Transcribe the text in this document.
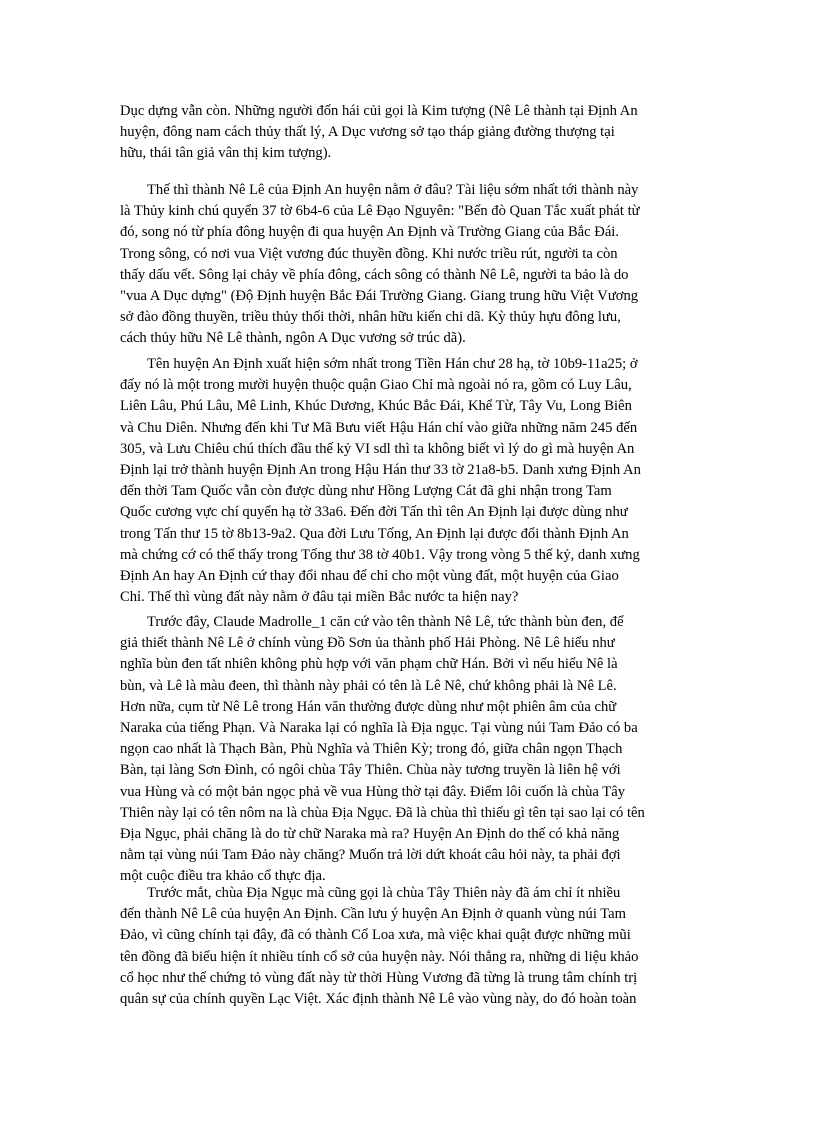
Dục dựng vẫn còn. Những người đốn hái củi gọi là Kim tượng (Nê Lê thành tại Định An
huyện, đông nam cách thủy thất lý, A Dục vương sở tạo tháp giảng đường thượng tại
hữu, thái tân giả vân thị kim tượng).
Thế thì thành Nê Lê của Định An huyện nằm ở đâu? Tài liệu sớm nhất tới thành này
là Thủy kinh chú quyển 37 tờ 6b4-6 của Lê Đạo Nguyên: "Bến đò Quan Tắc xuất phát từ
đó, song nó từ phía đông huyện đi qua huyện An Định và Trường Giang của Bắc Đái.
Trong sông, có nơi vua Việt vương đúc thuyền đồng. Khi nước triều rút, người ta còn
thấy dấu vết. Sông lại chảy về phía đông, cách sông có thành Nê Lê, người ta bảo là do
"vua A Dục dựng" (Độ Định huyện Bắc Đái Trường Giang. Giang trung hữu Việt Vương
sở đào đồng thuyền, triều thủy thối thời, nhân hữu kiến chi dã. Kỳ thủy hựu đông lưu,
cách thủy hữu Nê Lê thành, ngôn A Dục vương sở trúc dã).
Tên huyện An Định xuất hiện sớm nhất trong Tiền Hán chư 28 hạ, tờ 10b9-11a25; ở
đấy nó là một trong mười huyện thuộc quận Giao Chỉ mà ngoài nó ra, gồm có Luy Lâu,
Liên Lâu, Phú Lâu, Mê Linh, Khúc Dương, Khúc Bắc Đái, Khể Từ, Tây Vu, Long Biên
và Chu Diên. Nhưng đến khi Tư Mã Bưu viết Hậu Hán chí vào giữa những năm 245 đến
305, và Lưu Chiêu chú thích đầu thế kỷ VI sdl thì ta không biết vì lý do gì mà huyện An
Định lại trở thành huyện Định An trong Hậu Hán thư 33 tờ 21a8-b5. Danh xưng Định An
đến thời Tam Quốc vẫn còn được dùng như Hồng Lượng Cát đã ghi nhận trong Tam
Quốc cương vực chí quyển hạ tờ 33a6. Đến đời Tấn thì tên An Định lại được dùng như
trong Tấn thư 15 tờ 8b13-9a2. Qua đời Lưu Tống, An Định lại được đổi thành Định An
mà chứng cớ có thể thấy trong Tống thư 38 tờ 40b1. Vậy trong vòng 5 thế kỷ, danh xưng
Định An hay An Định cứ thay đổi nhau để chỉ cho một vùng đất, một huyện của Giao
Chỉ. Thế thì vùng đất này nằm ở đâu tại miền Bắc nước ta hiện nay?
Trước đây, Claude Madrolle_1 căn cứ vào tên thành Nê Lê, tức thành bùn đen, để
giả thiết thành Nê Lê ở chính vùng Đồ Sơn ủa thành phố Hải Phòng. Nê Lê hiểu như
nghĩa bùn đen tất nhiên không phù hợp với văn phạm chữ Hán. Bởi vì nếu hiểu Nê là
bùn, và Lê là màu đeen, thì thành này phải có tên là Lê Nê, chứ không phải là Nê Lê.
Hơn nữa, cụm từ Nê Lê trong Hán văn thường được dùng như một phiên âm của chữ
Naraka của tiếng Phạn. Và Naraka lại có nghĩa là Địa ngục. Tại vùng núi Tam Đảo có ba
ngọn cao nhất là Thạch Bàn, Phù Nghĩa và Thiên Kỳ; trong đó, giữa chân ngọn Thạch
Bàn, tại làng Sơn Đình, có ngôi chùa Tây Thiên. Chùa này tương truyền là liên hệ với
vua Hùng và có một bản ngọc phả về vua Hùng thờ tại đây. Điểm lôi cuốn là chùa Tây
Thiên này lại có tên nôm na là chùa Địa Ngục. Đã là chùa thì thiếu gì tên tại sao lại có tên
Địa Ngục, phải chăng là do từ chữ Naraka mà ra? Huyện An Định do thế có khả năng
nằm tại vùng núi Tam Đảo này chăng? Muốn trả lời dứt khoát câu hỏi này, ta phải đợi
một cuộc điều tra khảo cổ thực địa.
Trước mắt, chùa Địa Ngục mà cũng gọi là chùa Tây Thiên này đã ám chỉ ít nhiều
đến thành Nê Lê của huyện An Định. Cần lưu ý huyện An Định ở quanh vùng núi Tam
Đảo, vì cũng chính tại đây, đã có thành Cổ Loa xưa, mà việc khai quật được những mũi
tên đồng đã biểu hiện ít nhiều tính cổ sở của huyện này. Nói thẳng ra, những di liệu khảo
cổ học như thế chứng tỏ vùng đất này từ thời Hùng Vương đã từng là trung tâm chính trị
quân sự của chính quyền Lạc Việt. Xác định thành Nê Lê vào vùng này, do đó hoàn toàn
